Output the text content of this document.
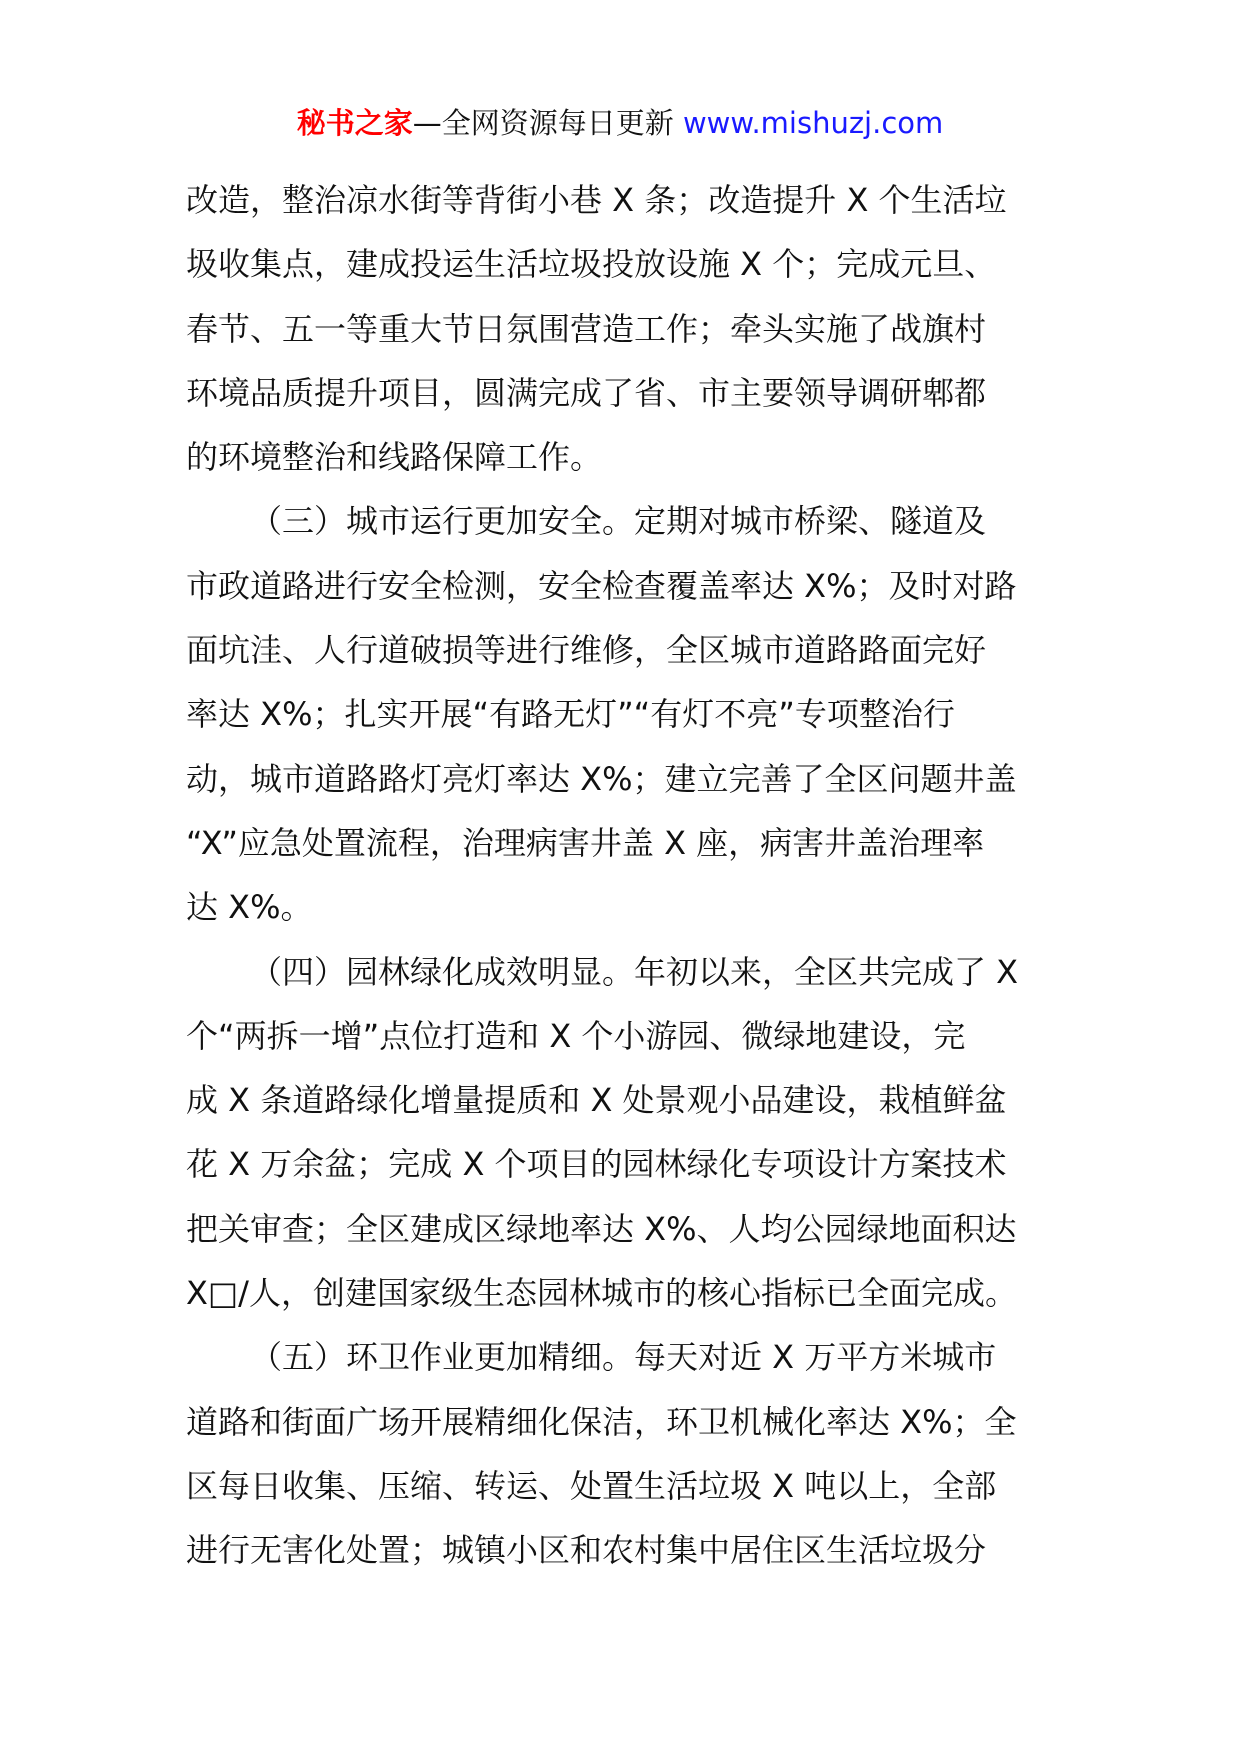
秘书之家—全网资源每日更新 www.mishuzj.com
改造，整治凉水街等背街小巷 X 条；改造提升 X 个生活垃
圾收集点，建成投运生活垃圾投放设施 X 个；完成元旦、
春节、五一等重大节日氛围营造工作；牵头实施了战旗村
环境品质提升项目，圆满完成了省、市主要领导调研郫都
的环境整治和线路保障工作。
（三）城市运行更加安全。定期对城市桥梁、隧道及
市政道路进行安全检测，安全检查覆盖率达 X%；及时对路
面坑洼、人行道破损等进行维修，全区城市道路路面完好
率达 X%；扎实开展“有路无灯”“有灯不亮”专项整治行
动，城市道路路灯亮灯率达 X%；建立完善了全区问题井盖
“X”应急处置流程，治理病害井盖 X 座，病害井盖治理率
达 X%。
（四）园林绿化成效明显。年初以来，全区共完成了 X
个“两拆一增”点位打造和 X 个小游园、微绿地建设，完
成 X 条道路绿化增量提质和 X 处景观小品建设，栽植鲜盆
花 X 万余盆；完成 X 个项目的园林绿化专项设计方案技术
把关审查；全区建成区绿地率达 X%、人均公园绿地面积达
X□/人，创建国家级生态园林城市的核心指标已全面完成。
（五）环卫作业更加精细。每天对近 X 万平方米城市
道路和街面广场开展精细化保洁，环卫机械化率达 X%；全
区每日收集、压缩、转运、处置生活垃圾 X 吨以上，全部
进行无害化处置；城镇小区和农村集中居住区生活垃圾分
